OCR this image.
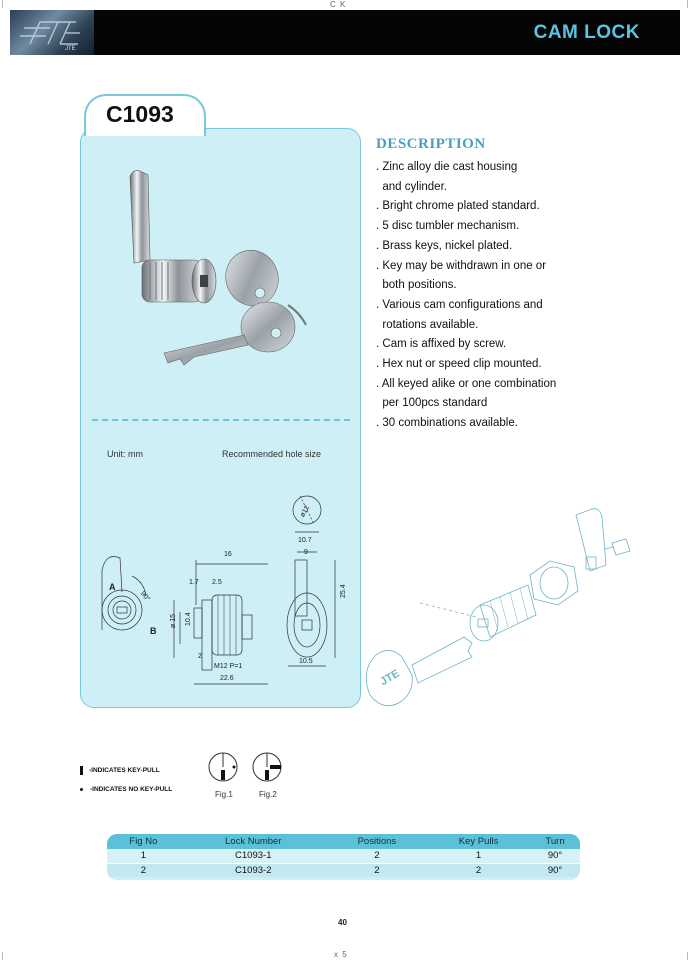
C K
x 5
JTE
CAM LOCK
C1093
Unit: mm	Recommended hole size
ø12
10.7
9
16
1.7 2.5
25.4
10.4
ø 15
2
M12 P=1
22.6
10.5
90°
A
B
JTE
DESCRIPTION
. Zinc alloy die cast housing
and cylinder.
. Bright chrome plated standard.
. 5 disc tumbler mechanism.
. Brass keys, nickel plated.
. Key may be withdrawn in one or
both positions.
. Various cam configurations and
rotations available.
. Cam is affixed by screw.
. Hex nut or speed clip mounted.
. All keyed alike or one combination
per 100pcs standard
. 30 combinations available.
-INDICATES KEY-PULL
-INDICATES NO KEY-PULL
Fig.1	Fig.2
Fig No	Lock Number	Positions	Key Pulls	Turn
1	C1093-1	2	1	90°
2	C1093-2	2	2	90°
40
